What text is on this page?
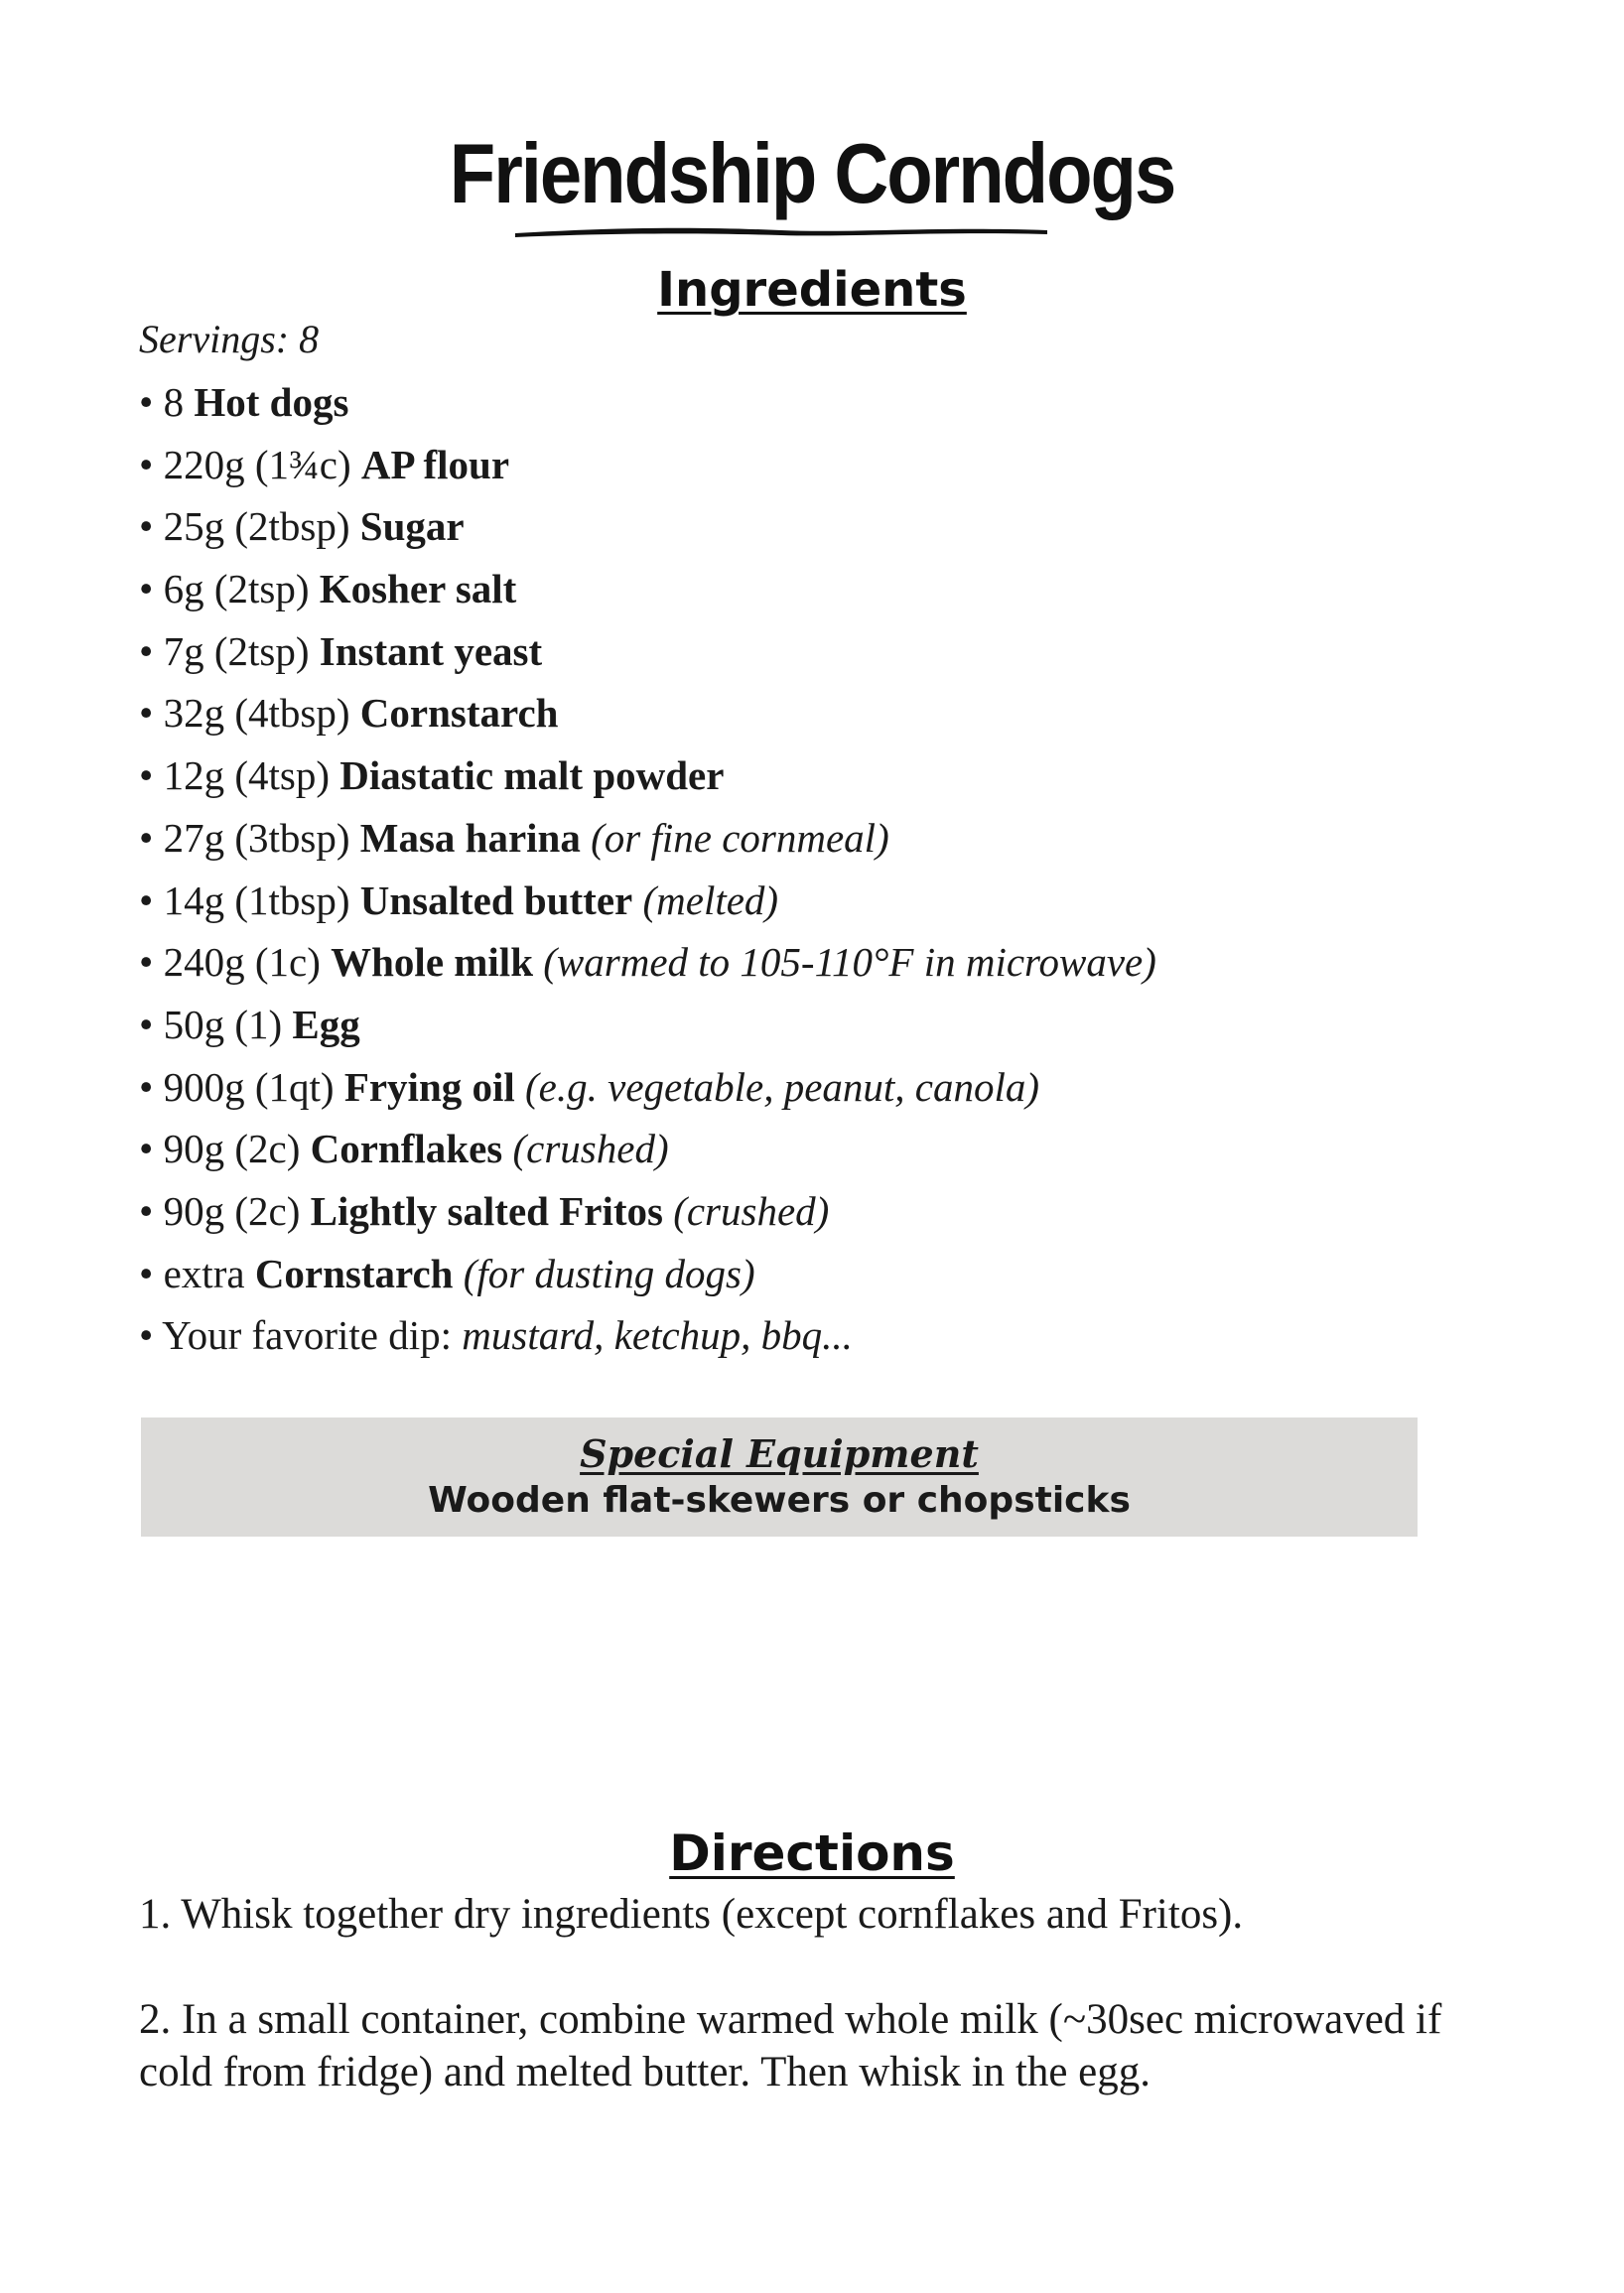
Friendship Corndogs
Ingredients
Servings: 8
• 8 Hot dogs
• 220g (1¾c) AP flour
• 25g (2tbsp) Sugar
• 6g (2tsp) Kosher salt
• 7g (2tsp) Instant yeast
• 32g (4tbsp) Cornstarch
• 12g (4tsp) Diastatic malt powder
• 27g (3tbsp) Masa harina (or fine cornmeal)
• 14g (1tbsp) Unsalted butter (melted)
• 240g (1c) Whole milk (warmed to 105-110°F in microwave)
• 50g (1) Egg
• 900g (1qt) Frying oil (e.g. vegetable, peanut, canola)
• 90g (2c) Cornflakes (crushed)
• 90g (2c) Lightly salted Fritos (crushed)
• extra Cornstarch (for dusting dogs)
• Your favorite dip: mustard, ketchup, bbq...
Special Equipment
Wooden flat-skewers or chopsticks
Directions

1. Whisk together dry ingredients (except cornflakes and Fritos).

2. In a small container, combine warmed whole milk (~30sec microwaved if cold from fridge) and melted butter. Then whisk in the egg.
